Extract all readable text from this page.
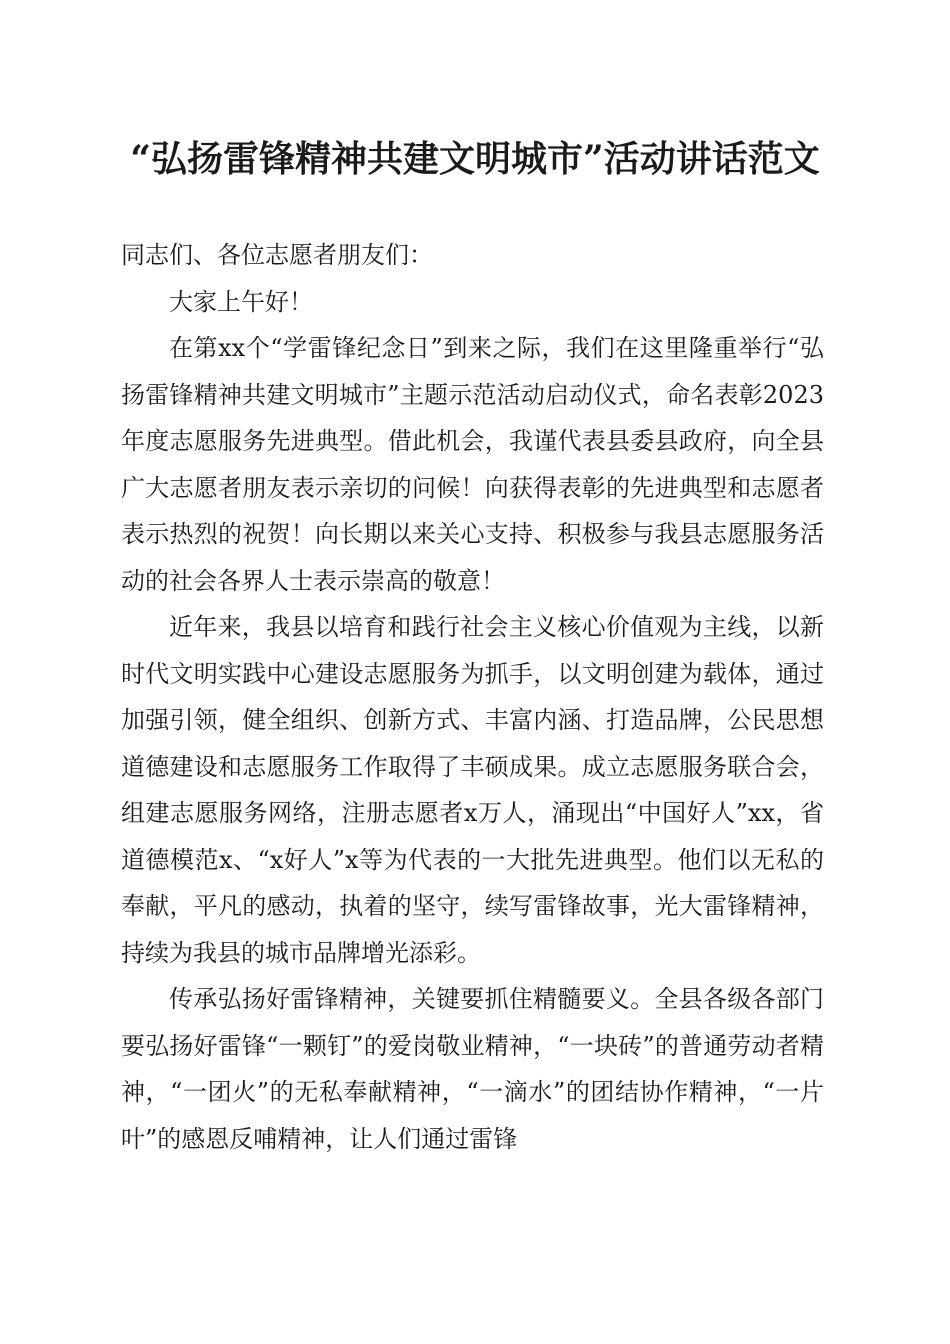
“弘扬雷锋精神共建文明城市”活动讲话范文

同志们、各位志愿者朋友们：

大家上午好！

在第xx个“学雷锋纪念日”到来之际，我们在这里隆重举行“弘扬雷锋精神共建文明城市”主题示范活动启动仪式，命名表彰2023年度志愿服务先进典型。借此机会，我谨代表县委县政府，向全县广大志愿者朋友表示亲切的问候！向获得表彰的先进典型和志愿者表示热烈的祝贺！向长期以来关心支持、积极参与我县志愿服务活动的社会各界人士表示崇高的敬意！

近年来，我县以培育和践行社会主义核心价值观为主线，以新时代文明实践中心建设志愿服务为抓手，以文明创建为载体，通过加强引领，健全组织、创新方式、丰富内涵、打造品牌，公民思想道德建设和志愿服务工作取得了丰硕成果。成立志愿服务联合会，组建志愿服务网络，注册志愿者x万人，涌现出“中国好人”xx，省道德模范x、“x好人”x等为代表的一大批先进典型。他们以无私的奉献，平凡的感动，执着的坚守，续写雷锋故事，光大雷锋精神，持续为我县的城市品牌增光添彩。

传承弘扬好雷锋精神，关键要抓住精髓要义。全县各级各部门要弘扬好雷锋“一颗钉”的爱岗敬业精神，“一块砖”的普通劳动者精神，“一团火”的无私奉献精神，“一滴水”的团结协作精神，“一片叶”的感恩反哺精神，让人们通过雷锋
